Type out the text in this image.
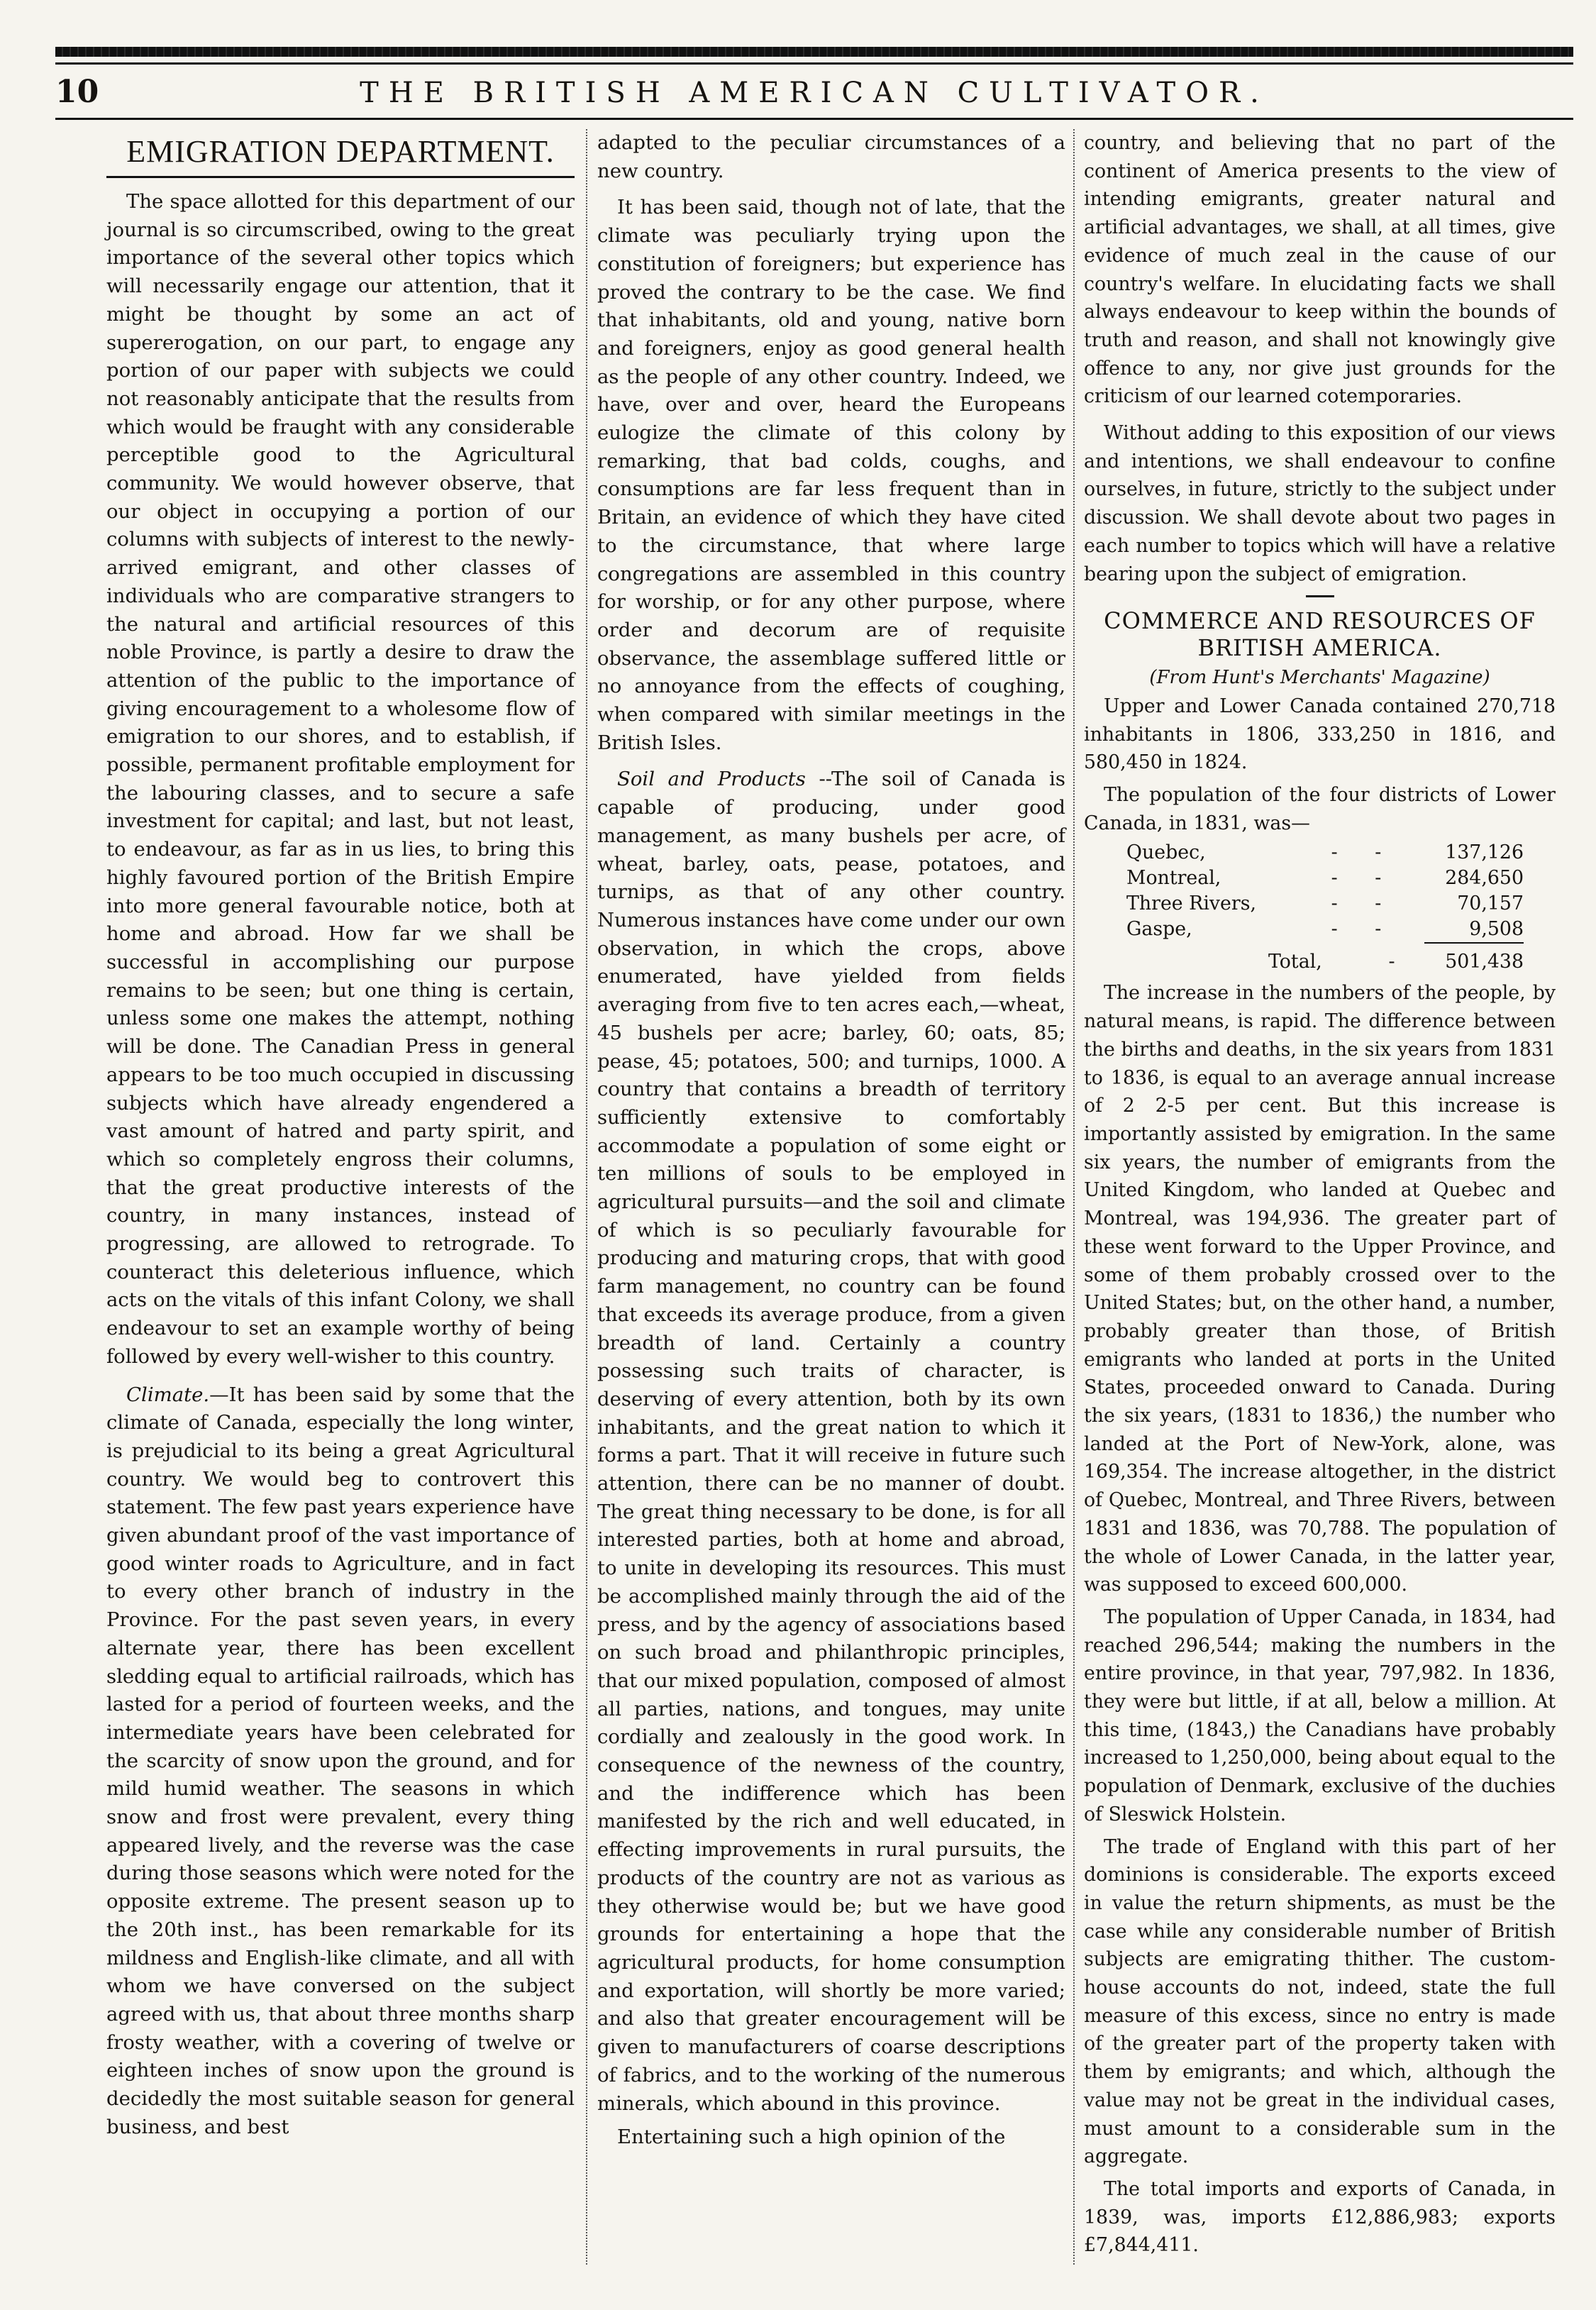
10	THE BRITISH AMERICAN CULTIVATOR.
EMIGRATION DEPARTMENT.

The space allotted for this department of our journal is so circumscribed, owing to the great importance of the several other topics which will necessarily engage our attention, that it might be thought by some an act of supererogation, on our part, to engage any portion of our paper with subjects we could not reasonably anticipate that the results from which would be fraught with any considerable perceptible good to the Agricultural community. We would however observe, that our object in occupying a portion of our columns with subjects of interest to the newly-arrived emigrant, and other classes of individuals who are comparative strangers to the natural and artificial resources of this noble Province, is partly a desire to draw the attention of the public to the importance of giving encouragement to a wholesome flow of emigration to our shores, and to establish, if possible, permanent profitable employment for the labouring classes, and to secure a safe investment for capital; and last, but not least, to endeavour, as far as in us lies, to bring this highly favoured portion of the British Empire into more general favourable notice, both at home and abroad. How far we shall be successful in accomplishing our purpose remains to be seen; but one thing is certain, unless some one makes the attempt, nothing will be done. The Canadian Press in general appears to be too much occupied in discussing subjects which have already engendered a vast amount of hatred and party spirit, and which so completely engross their columns, that the great productive interests of the country, in many instances, instead of progressing, are allowed to retrograde. To counteract this deleterious influence, which acts on the vitals of this infant Colony, we shall endeavour to set an example worthy of being followed by every well-wisher to this country.

Climate.—It has been said by some that the climate of Canada, especially the long winter, is prejudicial to its being a great Agricultural country. We would beg to controvert this statement. The few past years experience have given abundant proof of the vast importance of good winter roads to Agriculture, and in fact to every other branch of industry in the Province. For the past seven years, in every alternate year, there has been excellent sledding equal to artificial railroads, which has lasted for a period of fourteen weeks, and the intermediate years have been celebrated for the scarcity of snow upon the ground, and for mild humid weather. The seasons in which snow and frost were prevalent, every thing appeared lively, and the reverse was the case during those seasons which were noted for the opposite extreme. The present season up to the 20th inst., has been remarkable for its mildness and English-like climate, and all with whom we have conversed on the subject agreed with us, that about three months sharp frosty weather, with a covering of twelve or eighteen inches of snow upon the ground is decidedly the most suitable season for general business, and best

adapted to the peculiar circumstances of a new country.

It has been said, though not of late, that the climate was peculiarly trying upon the constitution of foreigners; but experience has proved the contrary to be the case. We find that inhabitants, old and young, native born and foreigners, enjoy as good general health as the people of any other country. Indeed, we have, over and over, heard the Europeans eulogize the climate of this colony by remarking, that bad colds, coughs, and consumptions are far less frequent than in Britain, an evidence of which they have cited to the circumstance, that where large congregations are assembled in this country for worship, or for any other purpose, where order and decorum are of requisite observance, the assemblage suffered little or no annoyance from the effects of coughing, when compared with similar meetings in the British Isles.

Soil and Products --The soil of Canada is capable of producing, under good management, as many bushels per acre, of wheat, barley, oats, pease, potatoes, and turnips, as that of any other country. Numerous instances have come under our own observation, in which the crops, above enumerated, have yielded from fields averaging from five to ten acres each,—wheat, 45 bushels per acre; barley, 60; oats, 85; pease, 45; potatoes, 500; and turnips, 1000. A country that contains a breadth of territory sufficiently extensive to comfortably accommodate a population of some eight or ten millions of souls to be employed in agricultural pursuits—and the soil and climate of which is so peculiarly favourable for producing and maturing crops, that with good farm management, no country can be found that exceeds its average produce, from a given breadth of land. Certainly a country possessing such traits of character, is deserving of every attention, both by its own inhabitants, and the great nation to which it forms a part. That it will receive in future such attention, there can be no manner of doubt. The great thing necessary to be done, is for all interested parties, both at home and abroad, to unite in developing its resources. This must be accomplished mainly through the aid of the press, and by the agency of associations based on such broad and philanthropic principles, that our mixed population, composed of almost all parties, nations, and tongues, may unite cordially and zealously in the good work. In consequence of the newness of the country, and the indifference which has been manifested by the rich and well educated, in effecting improvements in rural pursuits, the products of the country are not as various as they otherwise would be; but we have good grounds for entertaining a hope that the agricultural products, for home consumption and exportation, will shortly be more varied; and also that greater encouragement will be given to manufacturers of coarse descriptions of fabrics, and to the working of the numerous minerals, which abound in this province.

Entertaining such a high opinion of the

country, and believing that no part of the continent of America presents to the view of intending emigrants, greater natural and artificial advantages, we shall, at all times, give evidence of much zeal in the cause of our country's welfare. In elucidating facts we shall always endeavour to keep within the bounds of truth and reason, and shall not knowingly give offence to any, nor give just grounds for the criticism of our learned cotemporaries.

Without adding to this exposition of our views and intentions, we shall endeavour to confine ourselves, in future, strictly to the subject under discussion. We shall devote about two pages in each number to topics which will have a relative bearing upon the subject of emigration.

COMMERCE AND RESOURCES OF
BRITISH AMERICA.
(From Hunt's Merchants' Magazine)

Upper and Lower Canada contained 270,718 inhabitants in 1806, 333,250 in 1816, and 580,450 in 1824.

The population of the four districts of Lower Canada, in 1831, was—

Quebec,	- -	137,126
Montreal,	- -	284,650
Three Rivers,	- -	70,157
Gaspe,	- -	9,508
Total,	-	501,438

The increase in the numbers of the people, by natural means, is rapid. The difference between the births and deaths, in the six years from 1831 to 1836, is equal to an average annual increase of 2 2-5 per cent. But this increase is importantly assisted by emigration. In the same six years, the number of emigrants from the United Kingdom, who landed at Quebec and Montreal, was 194,936. The greater part of these went forward to the Upper Province, and some of them probably crossed over to the United States; but, on the other hand, a number, probably greater than those, of British emigrants who landed at ports in the United States, proceeded onward to Canada. During the six years, (1831 to 1836,) the number who landed at the Port of New-York, alone, was 169,354. The increase altogether, in the district of Quebec, Montreal, and Three Rivers, between 1831 and 1836, was 70,788. The population of the whole of Lower Canada, in the latter year, was supposed to exceed 600,000.

The population of Upper Canada, in 1834, had reached 296,544; making the numbers in the entire province, in that year, 797,982. In 1836, they were but little, if at all, below a million. At this time, (1843,) the Canadians have probably increased to 1,250,000, being about equal to the population of Denmark, exclusive of the duchies of Sleswick Holstein.

The trade of England with this part of her dominions is considerable. The exports exceed in value the return shipments, as must be the case while any considerable number of British subjects are emigrating thither. The custom-house accounts do not, indeed, state the full measure of this excess, since no entry is made of the greater part of the property taken with them by emigrants; and which, although the value may not be great in the individual cases, must amount to a considerable sum in the aggregate.

The total imports and exports of Canada, in 1839, was, imports £12,886,983; exports £7,844,411.
